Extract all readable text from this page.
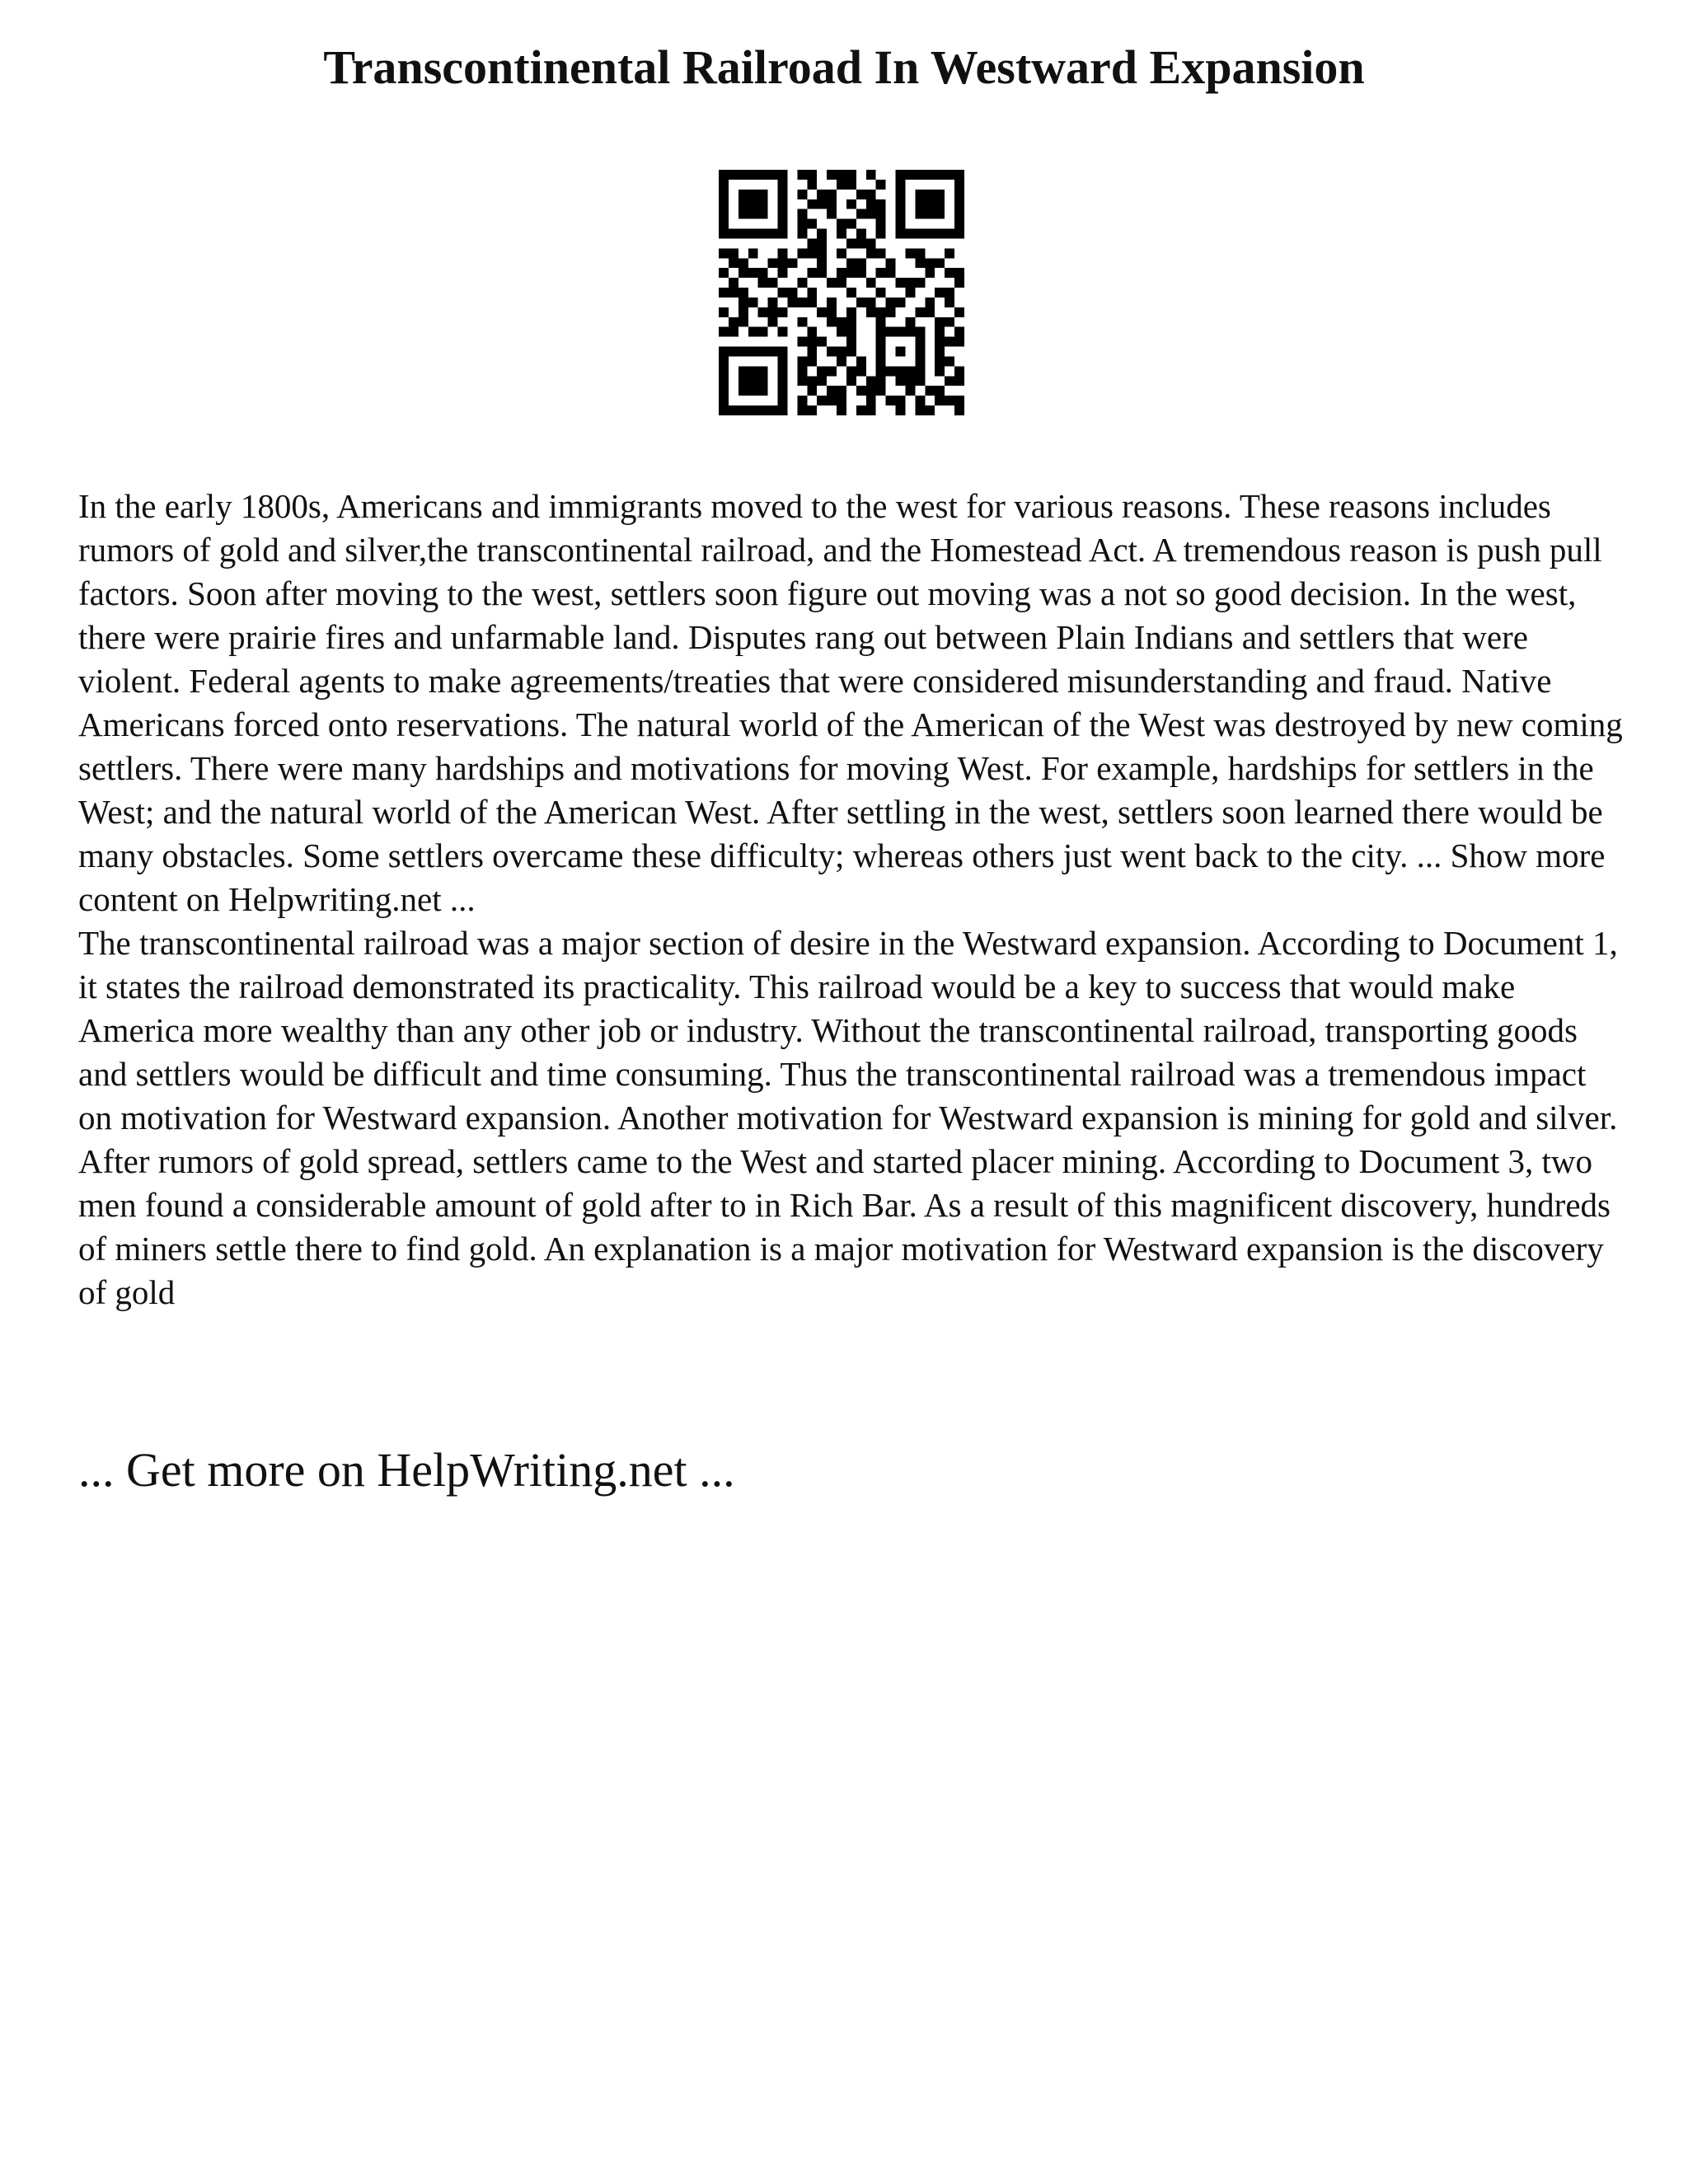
Transcontinental Railroad In Westward Expansion

In the early 1800s, Americans and immigrants moved to the west for various reasons. These reasons includes rumors of gold and silver,the transcontinental railroad, and the Homestead Act. A tremendous reason is push pull factors. Soon after moving to the west, settlers soon figure out moving was a not so good decision. In the west, there were prairie fires and unfarmable land. Disputes rang out between Plain Indians and settlers that were violent. Federal agents to make agreements/treaties that were considered misunderstanding and fraud. Native Americans forced onto reservations. The natural world of the American of the West was destroyed by new coming settlers. There were many hardships and motivations for moving West. For example, hardships for settlers in the West; and the natural world of the American West. After settling in the west, settlers soon learned there would be many obstacles. Some settlers overcame these difficulty; whereas others just went back to the city. ... Show more content on Helpwriting.net ...

The transcontinental railroad was a major section of desire in the Westward expansion. According to Document 1, it states the railroad demonstrated its practicality. This railroad would be a key to success that would make America more wealthy than any other job or industry. Without the transcontinental railroad, transporting goods and settlers would be difficult and time consuming. Thus the transcontinental railroad was a tremendous impact on motivation for Westward expansion. Another motivation for Westward expansion is mining for gold and silver. After rumors of gold spread, settlers came to the West and started placer mining. According to Document 3, two men found a considerable amount of gold after to in Rich Bar. As a result of this magnificent discovery, hundreds of miners settle there to find gold. An explanation is a major motivation for Westward expansion is the discovery of gold

... Get more on HelpWriting.net ...
